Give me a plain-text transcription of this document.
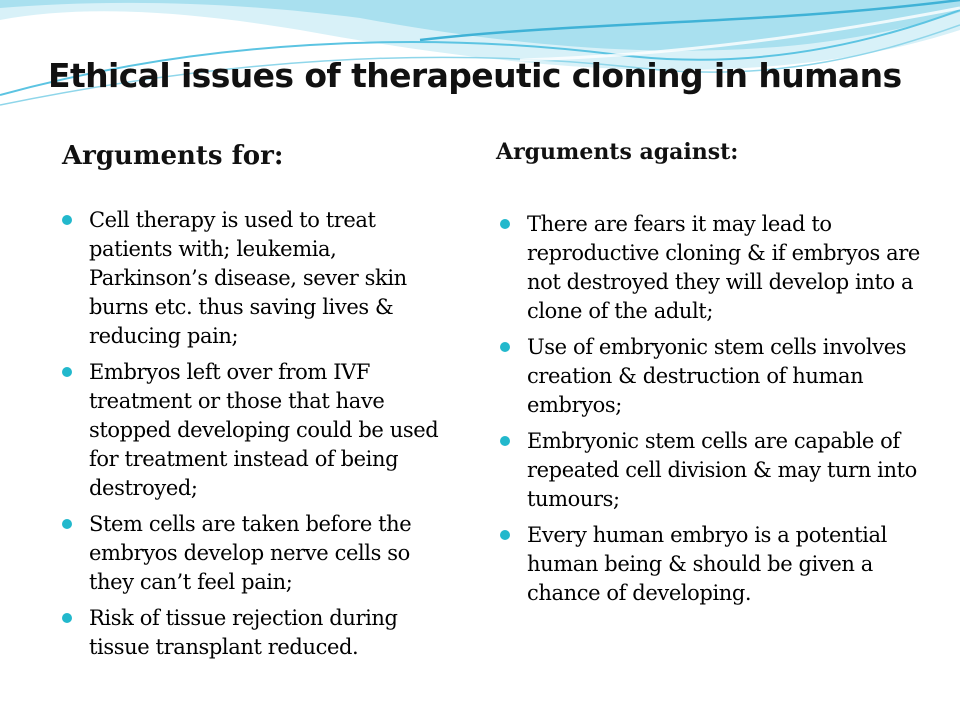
Ethical issues of therapeutic cloning in humans
Arguments for:	Arguments against:
Cell therapy is used to treat patients with; leukemia, Parkinson’s disease, sever skin burns etc. thus saving lives & reducing pain;
Embryos left over from IVF treatment or those that have stopped developing could be used for treatment instead of being destroyed;
Stem cells are taken before the embryos develop nerve cells so they can’t feel pain;
Risk of tissue rejection during tissue transplant reduced.
There are fears it may lead to reproductive cloning & if embryos are not destroyed they will develop into a clone of the adult;
Use of embryonic stem cells involves creation & destruction of human embryos;
Embryonic stem cells are capable of repeated cell division & may turn into tumours;
Every human embryo is a potential human being & should be given a chance of developing.
